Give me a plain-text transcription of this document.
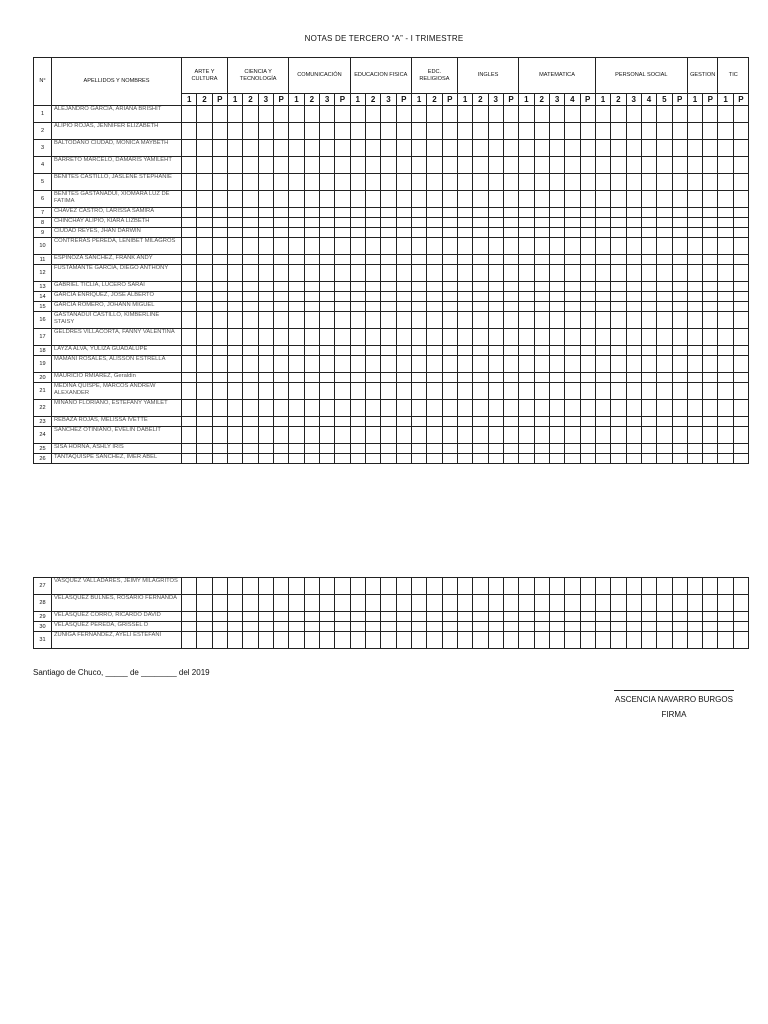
NOTAS DE TERCERO “A” - I TRIMESTRE
N°	APELLIDOS Y NOMBRES	ARTE Y CULTURA			CIENCIA Y TECNOLOGÍA				COMUNICACIÓN				EDUCACION FISICA				EDC. RELIGIOSA			INGLES				MATEMATICA					PERSONAL SOCIAL						GESTION		TIC	
		1	2	P	1	2	3	P	1	2	3	P	1	2	3	P	1	2	P	1	2	3	P	1	2	3	4	P	1	2	3	4	5	P	1	P	1	P
1	ALEJANDRO GARCIA, ARIANA BRISHIT																																					
2	ALIPIO ROJAS, JENNIFER ELIZABETH																																					
3	BALTODANO CIUDAD, MONICA MAYBETH																																					
4	BARRETO MARCELO, DAMARIS YAMILEHT																																					
5	BENITES CASTILLO, JASLENE STEPHANIE																																					
6	BENITES GASTAÑADUI, XIOMARA LUZ DE FATIMA																																					
7	CHAVEZ CASTRO, LARISSA SAMIRA																																					
8	CHINCHAY ALIPIO, KIARA LIZBETH																																					
9	CIUDAD REYES, JHAN DARWIN																																					
10	CONTRERAS PEREDA, LENIBET MILAGROS																																					
11	ESPINOZA SANCHEZ, FRANK ANDY																																					
12	FUSTAMANTE GARCIA, DIEGO ANTHONY																																					
13	GABRIEL TICLIA, LUCERO SARAI																																					
14	GARCIA ENRIQUEZ, JOSE ALBERTO																																					
15	GARCIA ROMERO, JOHANN MIGUEL																																					
16	GASTAÑADUI CASTILLO, KIMBERLINE STAISY																																					
17	GELDRES VILLACORTA, FANNY VALENTINA																																					
18	LAYZA ALVA, YULIZA GUADALUPE																																					
19	MAMANI ROSALES, ALISSON ESTRELLA																																					
20	MAURICIO RMIAREZ, Geraldin																																					
21	MEDINA QUISPE, MARCOS ANDREW ALEXANDER																																					
22	MIÑANO FLORIANO, ESTEFANY YAMILET																																					
23	REBAZA ROJAS, MELISSA IVETTE																																					
24	SANCHEZ OTINIANO, EVELIN DABELIT																																					
25	SISA HORNA, ASHLY IRIS																																					
26	TANTAQUISPE SANCHEZ, IMER ABEL																																					
27	VASQUEZ VALLADARES, JEIMY MILAGRITOS																																					
28	VELASQUEZ BULNES, ROSARIO FERNANDA																																					
29	VELASQUEZ CORRO, RICARDO DAVID																																					
30	VELASQUEZ PEREDA, GRISSEL D																																					
31	ZUÑIGA FERNANDEZ, AYELI ESTEFANI																																					
Santiago de Chuco, _____ de ________ del 2019
ASCENCIA NAVARRO BURGOS
FIRMA
